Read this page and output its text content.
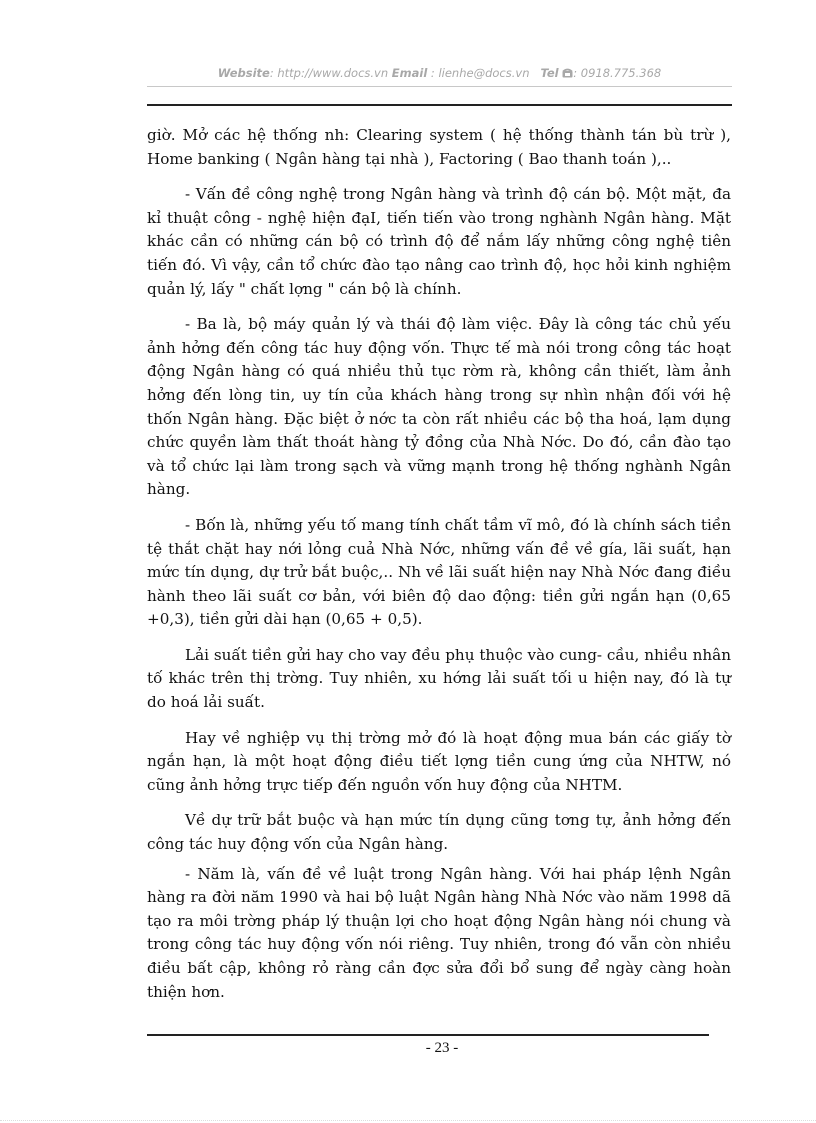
Website: http://www.docs.vn Email : lienhe@docs.vn Tel : 0918.775.368

giờ. Mở các hệ thống nh: Clearing system ( hệ thống thành tán bù trừ ), Home banking ( Ngân hàng tại nhà ), Factoring ( Bao thanh toán ),..

- Vấn đề công nghệ trong Ngân hàng và trình độ cán bộ. Một mặt, đa kỉ thuật công - nghệ hiện đạI, tiến tiến vào trong nghành Ngân hàng. Mặt khác cần có những cán bộ có trình độ để nắm lấy những công nghệ tiên tiến đó. Vì vậy, cần tổ chức đào tạo nâng cao trình độ, học hỏi kinh nghiệm quản lý, lấy " chất lợng " cán bộ là chính.

- Ba là, bộ máy quản lý và thái độ làm việc. Đây là công tác chủ yếu ảnh hởng đến công tác huy động vốn. Thực tế mà nói trong công tác hoạt động Ngân hàng có quá nhiều thủ tục rờm rà, không cần thiết, làm ảnh hởng đến lòng tin, uy tín của khách hàng trong sự nhìn nhận đối với hệ thốn Ngân hàng. Đặc biệt ở nớc ta còn rất nhiều các bộ tha hoá, lạm dụng chức quyền làm thất thoát hàng tỷ đồng của Nhà Nớc. Do đó, cần đào tạo và tổ chức lại làm trong sạch và vững mạnh trong hệ thống nghành Ngân hàng.

- Bốn là, những yếu tố mang tính chất tầm vĩ mô, đó là chính sách tiền tệ thắt chặt hay nới lỏng cuả Nhà Nớc, những vấn đề về gía, lãi suất, hạn mức tín dụng, dự trử bắt buộc,.. Nh về lãi suất hiện nay Nhà Nớc đang điều hành theo lãi suất cơ bản, với biên độ dao động: tiền gửi ngắn hạn (0,65 +0,3), tiền gửi dài hạn (0,65 + 0,5).

Lải suất tiền gửi hay cho vay đều phụ thuộc vào cung- cầu, nhiều nhân tố khác trên thị trờng. Tuy nhiên, xu hớng lải suất tối u hiện nay, đó là tự do hoá lải suất.

Hay về nghiệp vụ thị trờng mở đó là hoạt động mua bán các giấy tờ ngắn hạn, là một hoạt động điều tiết lợng tiền cung ứng của NHTW, nó cũng ảnh hởng trực tiếp đến nguồn vốn huy động của NHTM.

Về dự trữ bắt buộc và hạn mức tín dụng cũng tơng tự, ảnh hởng đến công tác huy động vốn của Ngân hàng.

- Năm là, vấn đề về luật trong Ngân hàng. Với hai pháp lệnh Ngân hàng ra đời năm 1990 và hai bộ luật Ngân hàng Nhà Nớc vào năm 1998 dã tạo ra môi trờng pháp lý thuận lợi cho hoạt động Ngân hàng nói chung và trong công tác huy động vốn nói riêng. Tuy nhiên, trong đó vẫn còn nhiều điều bất cập, không rỏ ràng cần đợc sửa đổi bổ sung để ngày càng hoàn thiện hơn.

- 23 -
